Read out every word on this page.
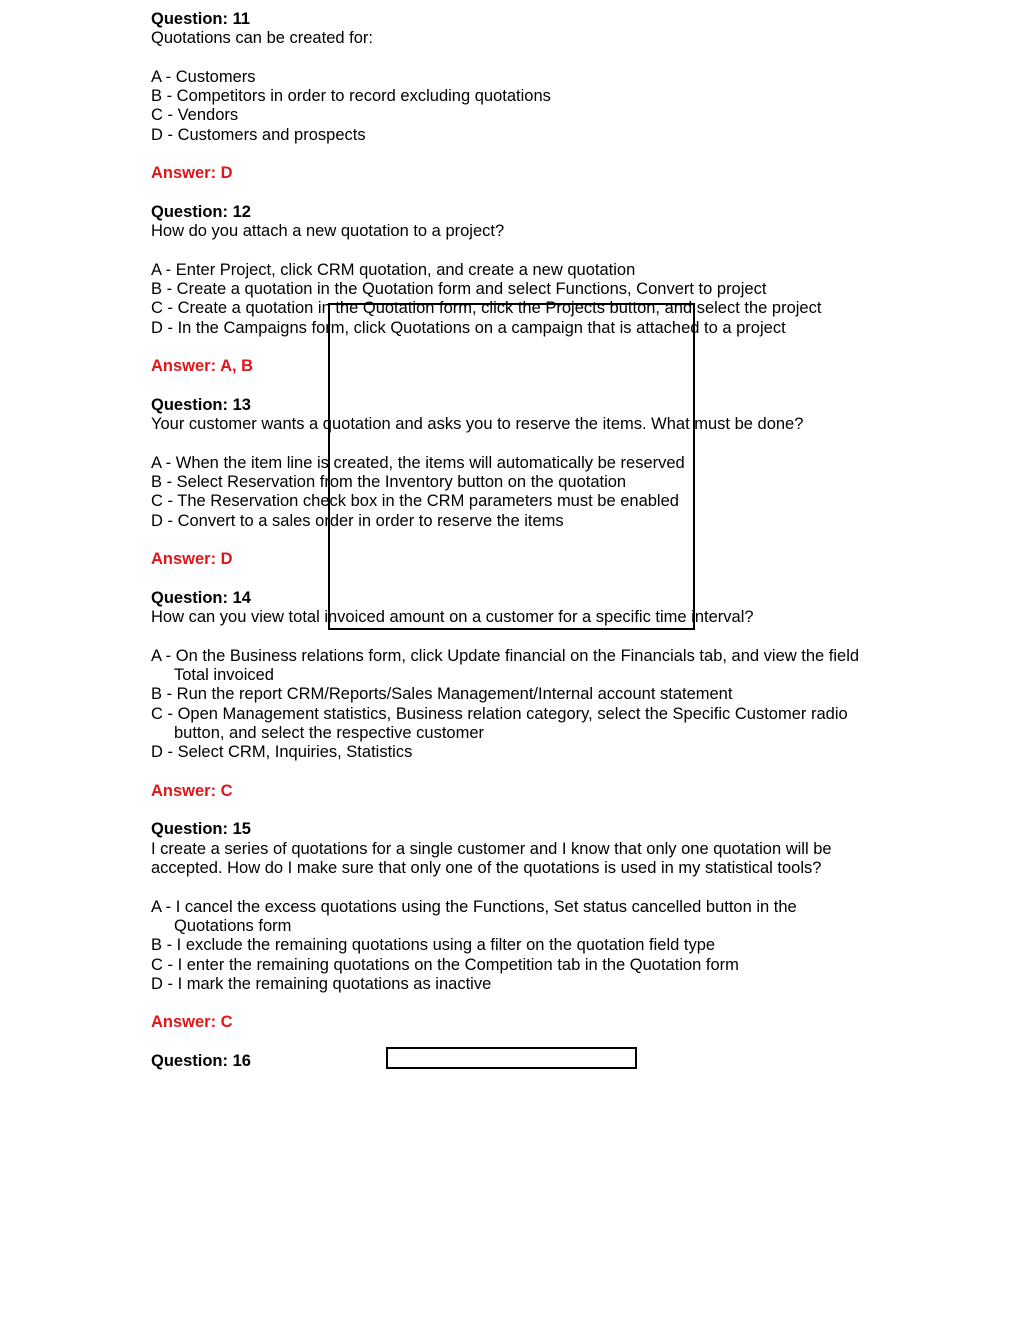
Question: 11
Quotations can be created for:
A - Customers
B - Competitors in order to record excluding quotations
C - Vendors
D - Customers and prospects
Answer: D
Question: 12
How do you attach a new quotation to a project?
A - Enter Project, click CRM quotation, and create a new quotation
B - Create a quotation in the Quotation form and select Functions, Convert to project
C - Create a quotation in the Quotation form, click the Projects button, and select the project
D - In the Campaigns form, click Quotations on a campaign that is attached to a project
Answer: A, B
Question: 13
Your customer wants a quotation and asks you to reserve the items. What must be done?
A - When the item line is created, the items will automatically be reserved
B - Select Reservation from the Inventory button on the quotation
C - The Reservation check box in the CRM parameters must be enabled
D - Convert to a sales order in order to reserve the items
Answer: D
Question: 14
How can you view total invoiced amount on a customer for a specific time interval?
A - On the Business relations form, click Update financial on the Financials tab, and view the field
Total invoiced
B - Run the report CRM/Reports/Sales Management/Internal account statement
C - Open Management statistics, Business relation category, select the Specific Customer radio
button, and select the respective customer
D - Select CRM, Inquiries, Statistics
Answer: C
Question: 15
I create a series of quotations for a single customer and I know that only one quotation will be
accepted. How do I make sure that only one of the quotations is used in my statistical tools?
A - I cancel the excess quotations using the Functions, Set status cancelled button in the
Quotations form
B - I exclude the remaining quotations using a filter on the quotation field type
C - I enter the remaining quotations on the Competition tab in the Quotation form
D - I mark the remaining quotations as inactive
Answer: C
Question: 16
